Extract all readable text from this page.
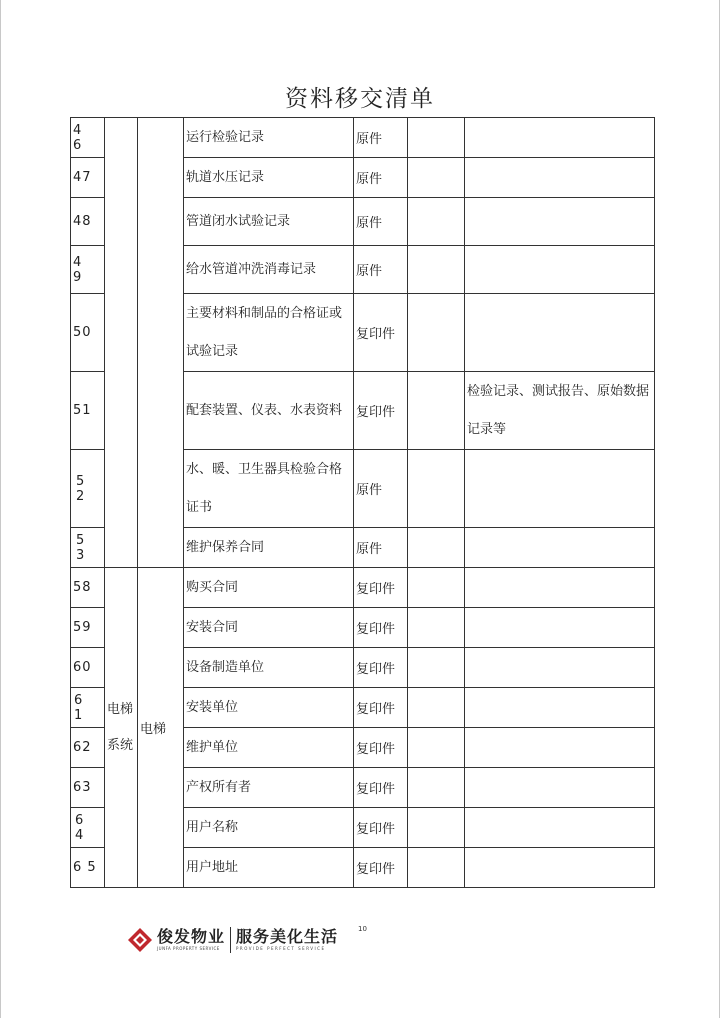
资料移交清单
4 6			运行检验记录	原件		
47			轨道水压记录	原件		
48			管道闭水试验记录	原件		
4 9			给水管道冲洗消毒记录	原件		
50			主要材料和制品的合格证或试验记录	复印件		
51			配套装置、仪表、水表资料	复印件		检验记录、测试报告、原始数据记录等
5 2			水、暖、卫生器具检验合格证书	原件		
5 3			维护保养合同	原件		
58	电梯系统	电梯	购买合同	复印件		
59			安装合同	复印件		
60			设备制造单位	复印件		
6 1			安装单位	复印件		
62			维护单位	复印件		
63			产权所有者	复印件		
6 4			用户名称	复印件		
6 5			用户地址	复印件		
俊发物业
JUNFA PROPERTY SERVICE
服务美化生活
PROVIDE PERFECT SERVICE
10
